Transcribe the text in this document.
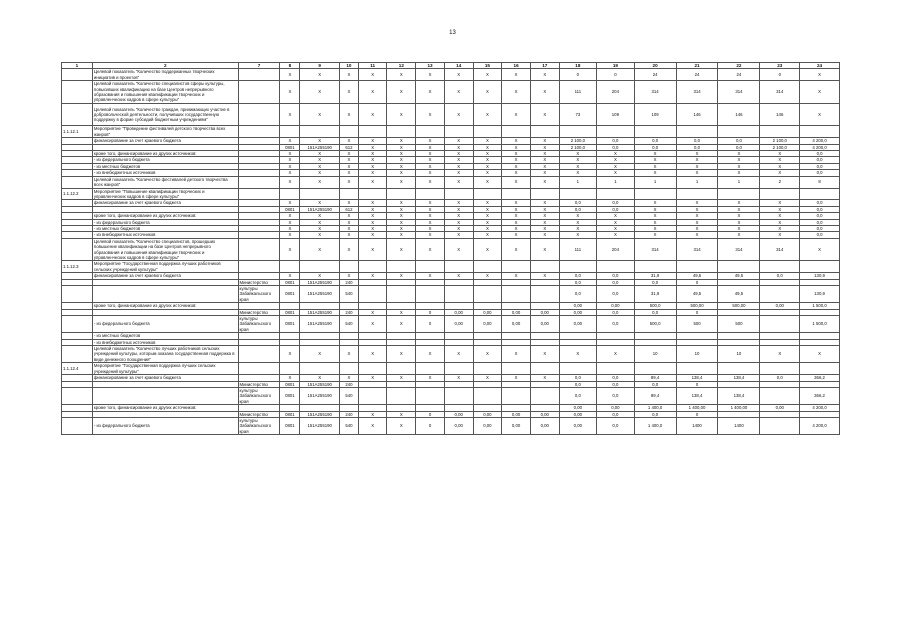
13
1	2	7	8	9	10	11	12	13	14	15	16	17	18	19	20	21	22	23	24
	Целевой показатель "Количество поддержанных творческих инициатив и проектов"		X	X	X	X	X	X	X	X	X	X	0	0	24	24	24	0	X
	Целевой показатель "Количество специалистов сферы культуры, повысивших квалификацию на базе Центров непрерывного образования и повышения квалификации творческих и управленческих кадров в сфере культуры"		X	X	X	X	X	X	X	X	X	X	111	204	314	314	314	314	X
	Целевой показатель "Количество граждан, принимающих участие в добровольческой деятельности, получивших государственную поддержку в форме субсидий бюджетным учреждениям"		X	X	X	X	X	X	X	X	X	X	73	109	109	146	146	146	X
1.1.12.1	Мероприятие "Проведение фестивалей детского творчества всех жанров"																		
	финансирование за счет краевого бюджета		X	X	X	X	X	X	X	X	X	X	2 100,0	0,0	0,0	0,0	0,0	2 100,0	4 200,0
			0801	151A255190	612	X	X	X	X	X	X	X	2 100,0	0,0	0,0	0,0	0,0	2 100,0	4 200,0
	кроме того, финансирование из других источников:		X	X	X	X	X	X	X	X	X	X	X	X	X	X	X	X	0,0
	- из федерального бюджета		X	X	X	X	X	X	X	X	X	X	X	X	X	X	X	X	0,0
	- из местных бюджетов		X	X	X	X	X	X	X	X	X	X	X	X	X	X	X	X	0,0
	- из внебюджетных источников		X	X	X	X	X	X	X	X	X	X	X	X	X	X	X	X	0,0
	Целевой показатель "Количество фестивалей детского творчества всех жанров"		X	X	X	X	X	X	X	X	X	X	1	1	1	1	1	2	8
1.1.12.2	Мероприятие "Повышение квалификации творческих и управленческих кадров в сфере культуры"																		
	финансирование за счет краевого бюджета		X	X	X	X	X	X	X	X	X	X	0,0	0,0	X	X	X	X	0,0
			0801	151A255190	612	X	X	X	X	X	X	X	0,0	0,0	X	X	X	X	0,0
	кроме того, финансирование из других источников:		X	X	X	X	X	X	X	X	X	X	X	X	X	X	X	X	0,0
	- из федерального бюджета		X	X	X	X	X	X	X	X	X	X	X	X	X	X	X	X	0,0
	- из местных бюджетов		X	X	X	X	X	X	X	X	X	X	X	X	X	X	X	X	0,0
	- из внебюджетных источников		X	X	X	X	X	X	X	X	X	X	X	X	X	X	X	X	0,0
	Целевой показатель "Количество специалистов, прошедших повышение квалификации на базе Центров непрерывного образования и повышения квалификации творческих и управленческих кадров в сфере культуры"		X	X	X	X	X	X	X	X	X	X	111	204	314	314	314	314	X
1.1.12.3	Мероприятие "Государственная поддержка лучших работников сельских учреждений культуры"																		
	финансирование за счет краевого бюджета		X	X	X	X	X	X	X	X	X	X	0,0	0,0	31,9	49,5	49,5	0,0	130,9
		Министерство	0801	151A255190	240								0,0	0,0	0,0	0			
		культуры Забайкальского края	0801	151A255190	540								0,0	0,0	31,9	49,5	49,5		130,9
	кроме того, финансирование из других источников:												0,00	0,00	500,0	500,00	500,00	0,00	1 500,0
		Министерство	0801	151A255190	240	X	X	0	0,00	0,00	0,00	0,00	0,00	0,0	0,0	0			
	- из федерального бюджета	культуры Забайкальского края	0801	151A255190	540	X	X	0	0,00	0,00	0,00	0,00	0,00	0,0	500,0	500	500		1 500,0
	- из местных бюджетов																		
	- из внебюджетных источников																		
	Целевой показатель "Количество лучших работников сельских учреждений культуры, которым оказана государственная поддержка в виде денежного поощрения"		X	X	X	X	X	X	X	X	X	X	X	X	10	10	10	X	X
1.1.12.4	Мероприятие "Государственная поддержка лучших сельских учреждений культуры"																		
	финансирование за счет краевого бюджета		X	X	X	X	X	X	X	X	X	X	0,0	0,0	89,4	138,4	138,4	0,0	366,2
		Министерство	0801	151A255190	240								0,0	0,0	0,0	0			
		культуры Забайкальского края	0801	151A255190	540								0,0	0,0	89,4	138,4	138,4		366,2
	кроме того, финансирование из других источников:												0,00	0,00	1 400,0	1 400,00	1 400,00	0,00	4 200,0
		Министерство	0801	151A255190	240	X	X	0	0,00	0,00	0,00	0,00	0,00	0,0	0,0	0			
	- из федерального бюджета	культуры Забайкальского края	0801	151A255190	540	X	X	0	0,00	0,00	0,00	0,00	0,00	0,0	1 400,0	1400	1400		4 200,0
